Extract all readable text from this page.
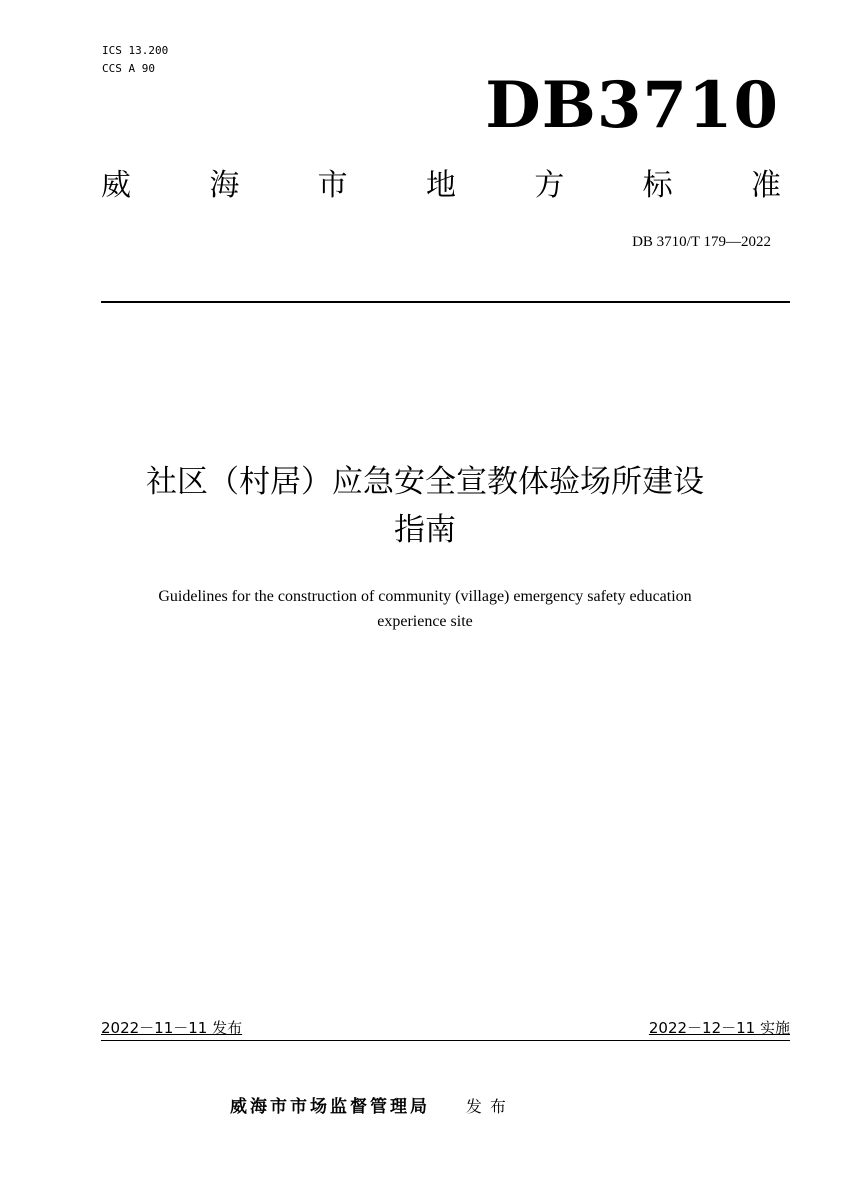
ICS 13.200
CCS A 90	DB3710
威	海	市	地	方	标	准
DB 3710/T 179—2022
社区（村居）应急安全宣教体验场所建设
指南
Guidelines for the construction of community (village) emergency safety education
experience site
2022－11－11 发布	2022－12－11 实施
威海市市场监督管理局 发布
